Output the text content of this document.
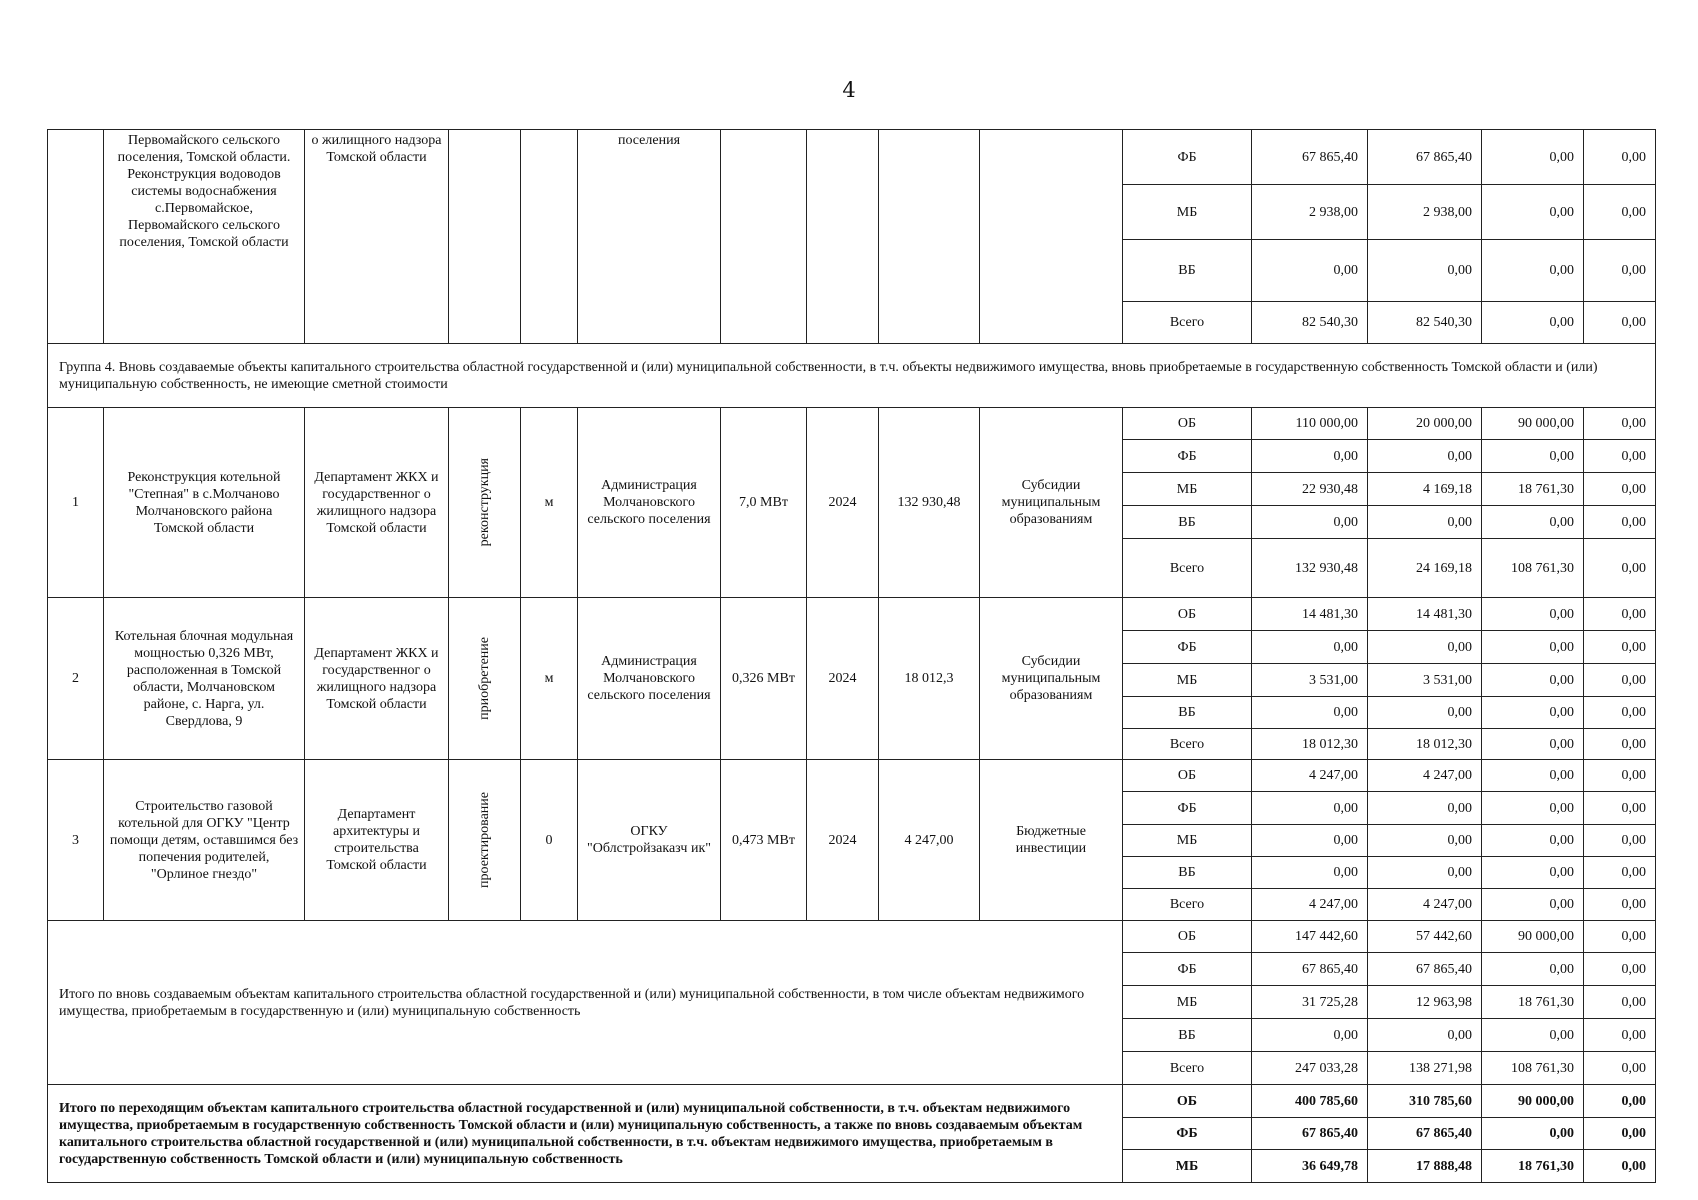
4
	Первомайского сельского поселения, Томской области. Реконструкция водоводов системы водоснабжения с.Первомайское, Первомайского сельского поселения, Томской области	о жилищного надзора Томской области			поселения					ФБ	67 865,40	67 865,40	0,00	0,00
										МБ	2 938,00	2 938,00	0,00	0,00
										ВБ	0,00	0,00	0,00	0,00
										Всего	82 540,30	82 540,30	0,00	0,00
Группа 4. Вновь создаваемые объекты капитального строительства областной государственной и (или) муниципальной собственности, в т.ч. объекты недвижимого имущества, вновь приобретаемые в государственную собственность Томской области и (или) муниципальную собственность, не имеющие сметной стоимости														
1	Реконструкция котельной "Степная" в с.Молчаново Молчановского района Томской области	Департамент ЖКХ и государственног о жилищного надзора Томской области	реконструкция	м	Администрация Молчановского сельского поселения	7,0 МВт	2024	132 930,48	Субсидии муниципальным образованиям	ОБ	110 000,00	20 000,00	90 000,00	0,00
										ФБ	0,00	0,00	0,00	0,00
										МБ	22 930,48	4 169,18	18 761,30	0,00
										ВБ	0,00	0,00	0,00	0,00
										Всего	132 930,48	24 169,18	108 761,30	0,00
2	Котельная блочная модульная мощностью 0,326 МВт, расположенная в Томской области, Молчановском районе, с. Нарга, ул. Свердлова, 9	Департамент ЖКХ и государственног о жилищного надзора Томской области	приобретение	м	Администрация Молчановского сельского поселения	0,326 МВт	2024	18 012,3	Субсидии муниципальным образованиям	ОБ	14 481,30	14 481,30	0,00	0,00
										ФБ	0,00	0,00	0,00	0,00
										МБ	3 531,00	3 531,00	0,00	0,00
										ВБ	0,00	0,00	0,00	0,00
										Всего	18 012,30	18 012,30	0,00	0,00
3	Строительство газовой котельной для ОГКУ "Центр помощи детям, оставшимся без попечения родителей, "Орлиное гнездо"	Департамент архитектуры и строительства Томской области	проектирование	0	ОГКУ "Облстройзаказч ик"	0,473 МВт	2024	4 247,00	Бюджетные инвестиции	ОБ	4 247,00	4 247,00	0,00	0,00
										ФБ	0,00	0,00	0,00	0,00
										МБ	0,00	0,00	0,00	0,00
										ВБ	0,00	0,00	0,00	0,00
										Всего	4 247,00	4 247,00	0,00	0,00
Итого по вновь создаваемым объектам капитального строительства областной государственной и (или) муниципальной собственности, в том числе объектам недвижимого имущества, приобретаемым в государственную и (или) муниципальную собственность										ОБ	147 442,60	57 442,60	90 000,00	0,00
										ФБ	67 865,40	67 865,40	0,00	0,00
										МБ	31 725,28	12 963,98	18 761,30	0,00
										ВБ	0,00	0,00	0,00	0,00
										Всего	247 033,28	138 271,98	108 761,30	0,00
Итого по переходящим объектам капитального строительства областной государственной и (или) муниципальной собственности, в т.ч. объектам недвижимого имущества, приобретаемым в государственную собственность Томской области и (или) муниципальную собственность, а также по вновь создаваемым объектам капитального строительства областной государственной и (или) муниципальной собственности, в т.ч. объектам недвижимого имущества, приобретаемым в государственную собственность Томской области и (или) муниципальную собственность										ОБ	400 785,60	310 785,60	90 000,00	0,00
										ФБ	67 865,40	67 865,40	0,00	0,00
										МБ	36 649,78	17 888,48	18 761,30	0,00
